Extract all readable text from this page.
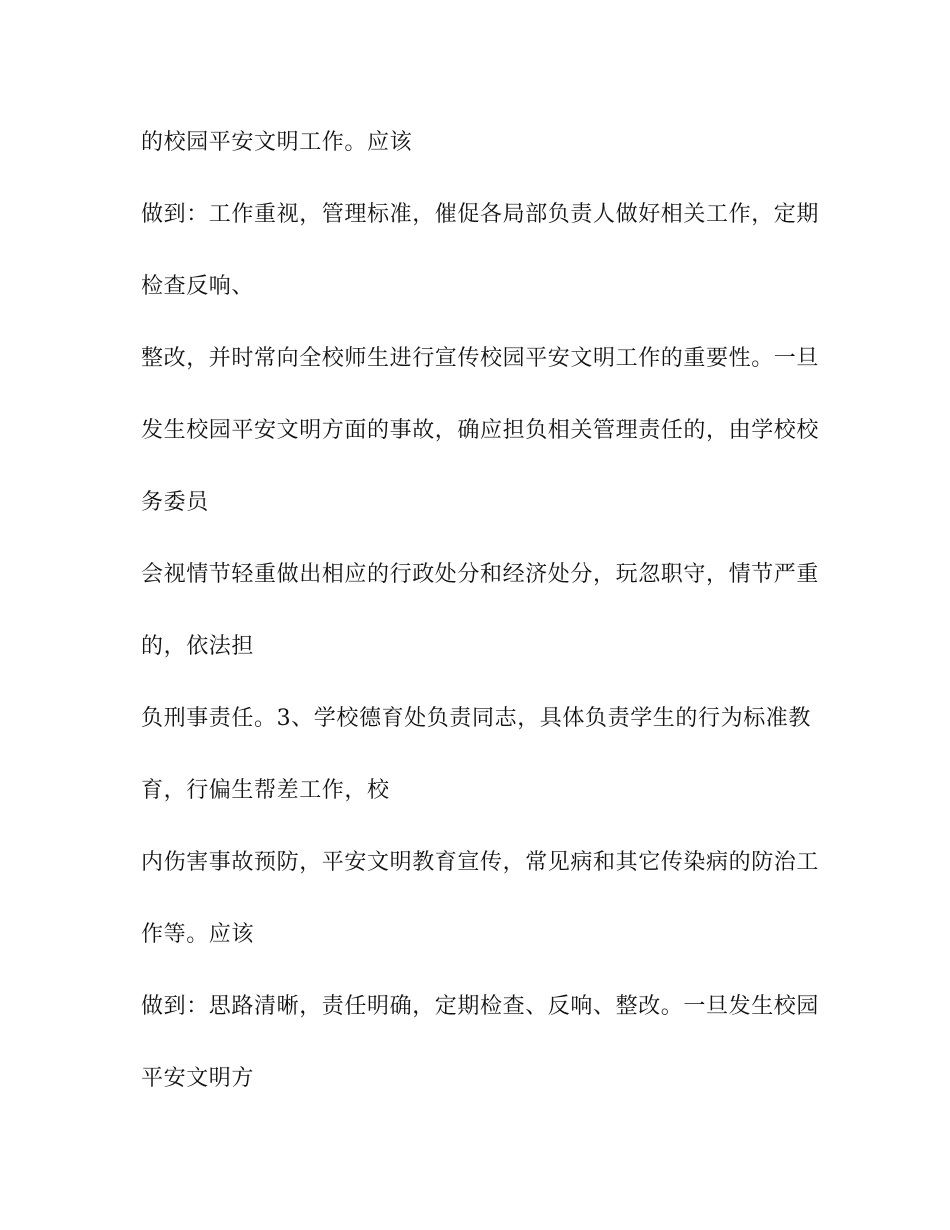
的校园平安文明工作。应该
做到：工作重视，管理标准，催促各局部负责人做好相关工作，定期
检查反响、
整改，并时常向全校师生进行宣传校园平安文明工作的重要性。一旦
发生校园平安文明方面的事故，确应担负相关管理责任的，由学校校
务委员
会视情节轻重做出相应的行政处分和经济处分，玩忽职守，情节严重
的，依法担
负刑事责任。3、学校德育处负责同志，具体负责学生的行为标准教
育，行偏生帮差工作，校
内伤害事故预防，平安文明教育宣传，常见病和其它传染病的防治工
作等。应该
做到：思路清晰，责任明确，定期检查、反响、整改。一旦发生校园
平安文明方
